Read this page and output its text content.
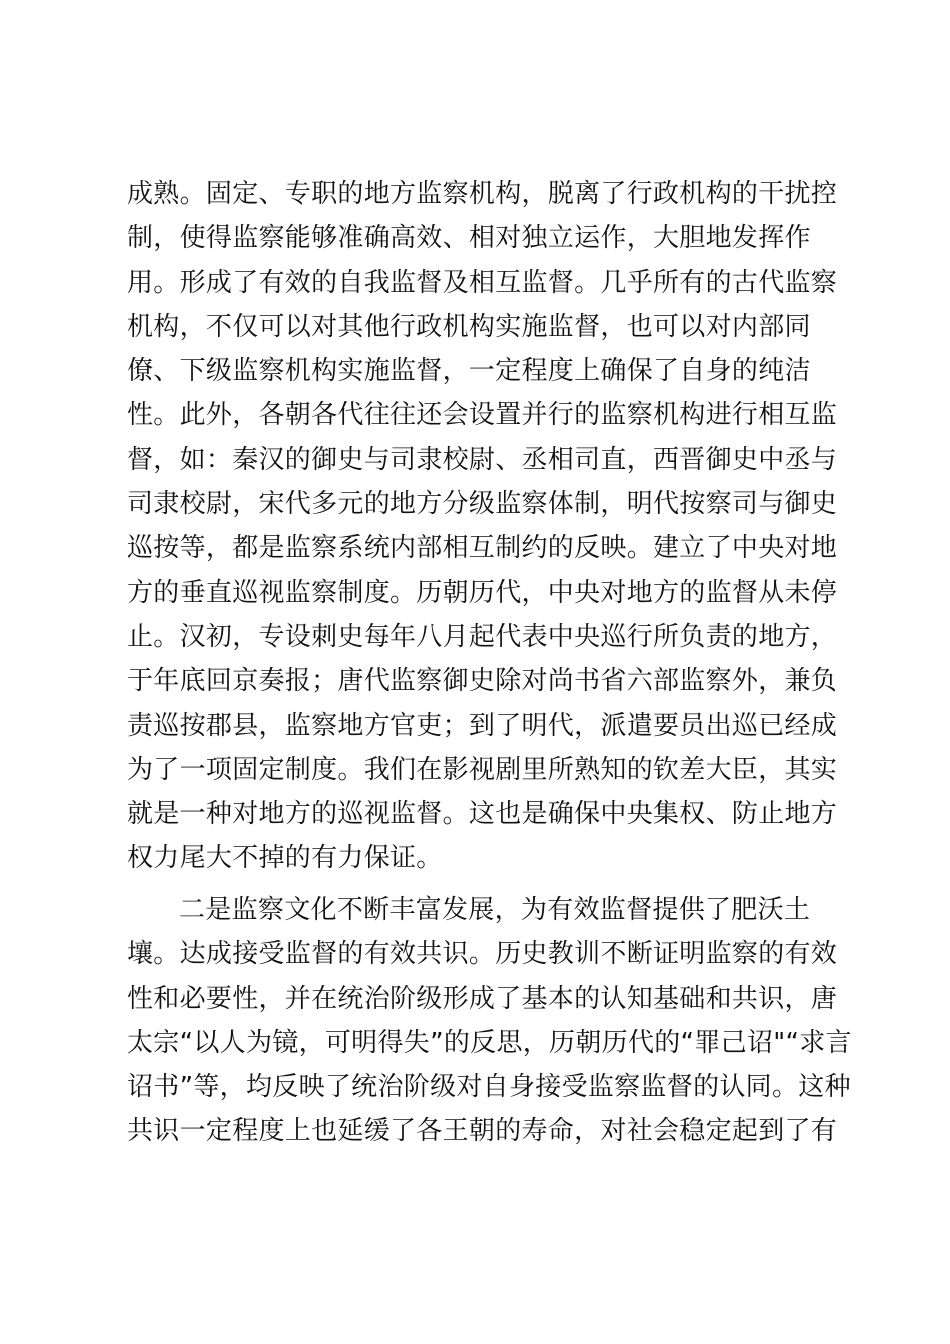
成熟。固定、专职的地方监察机构，脱离了行政机构的干扰控
制，使得监察能够准确高效、相对独立运作，大胆地发挥作
用。形成了有效的自我监督及相互监督。几乎所有的古代监察
机构，不仅可以对其他行政机构实施监督，也可以对内部同
僚、下级监察机构实施监督，一定程度上确保了自身的纯洁
性。此外，各朝各代往往还会设置并行的监察机构进行相互监
督，如：秦汉的御史与司隶校尉、丞相司直，西晋御史中丞与
司隶校尉，宋代多元的地方分级监察体制，明代按察司与御史
巡按等，都是监察系统内部相互制约的反映。建立了中央对地
方的垂直巡视监察制度。历朝历代，中央对地方的监督从未停
止。汉初，专设刺史每年八月起代表中央巡行所负责的地方，
于年底回京奏报；唐代监察御史除对尚书省六部监察外，兼负
责巡按郡县，监察地方官吏；到了明代，派遣要员出巡已经成
为了一项固定制度。我们在影视剧里所熟知的钦差大臣，其实
就是一种对地方的巡视监督。这也是确保中央集权、防止地方
权力尾大不掉的有力保证。
二是监察文化不断丰富发展，为有效监督提供了肥沃土
壤。达成接受监督的有效共识。历史教训不断证明监察的有效
性和必要性，并在统治阶级形成了基本的认知基础和共识，唐
太宗“以人为镜，可明得失”的反思，历朝历代的“罪己诏"“求言
诏书”等，均反映了统治阶级对自身接受监察监督的认同。这种
共识一定程度上也延缓了各王朝的寿命，对社会稳定起到了有
